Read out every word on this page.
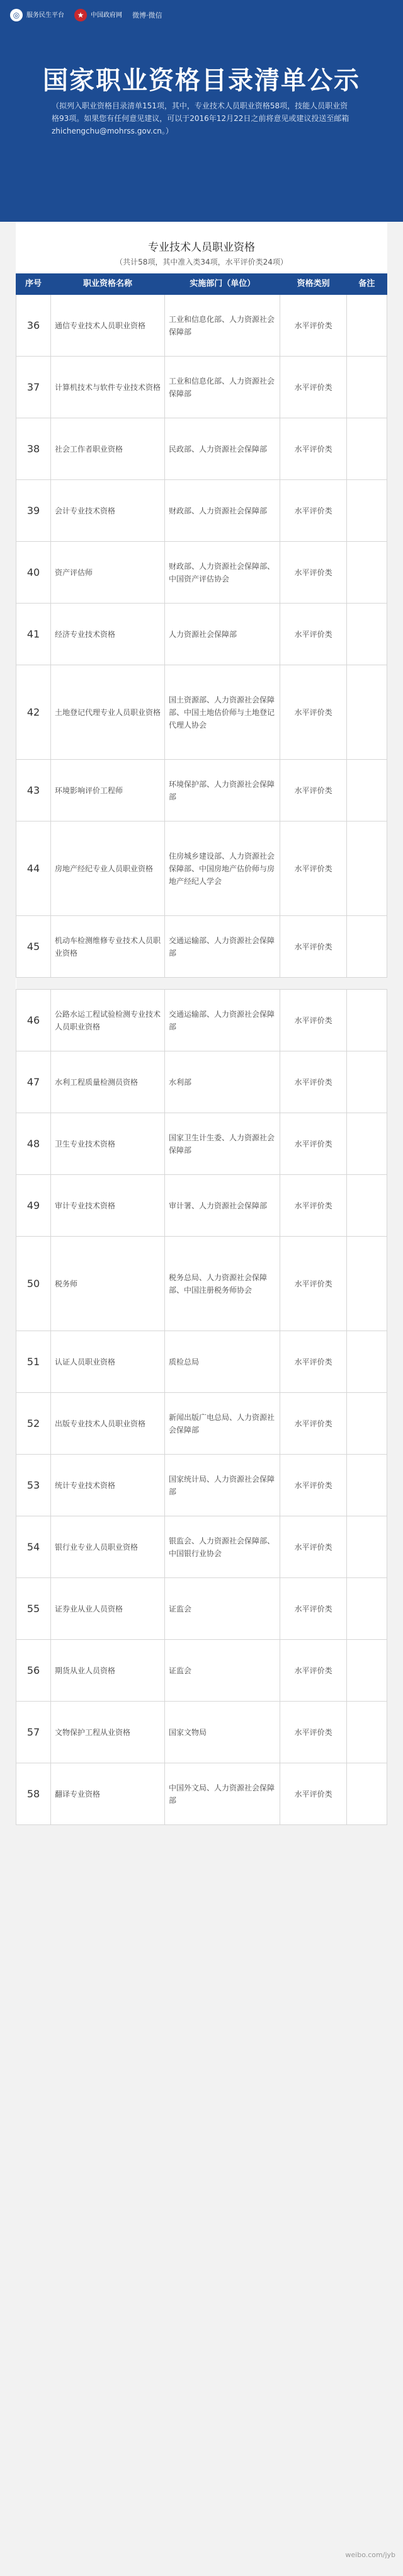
◎	服务民生平台	★	中国政府网 微博·微信
国家职业资格目录清单公示
（拟列入职业资格目录清单151项，其中，专业技术人员职业资格58项，技能人员职业资格93项。如果您有任何意见建议，可以于2016年12月22日之前将意见或建议投送至邮箱zhichengchu@mohrss.gov.cn。）
专业技术人员职业资格
（共计58项，其中准入类34项，水平评价类24项）
序号	职业资格名称	实施部门（单位）	资格类别	备注
36	通信专业技术人员职业资格	工业和信息化部、人力资源社会保障部	水平评价类	
37	计算机技术与软件专业技术资格	工业和信息化部、人力资源社会保障部	水平评价类	
38	社会工作者职业资格	民政部、人力资源社会保障部	水平评价类	
39	会计专业技术资格	财政部、人力资源社会保障部	水平评价类	
40	资产评估师	财政部、人力资源社会保障部、中国资产评估协会	水平评价类	
41	经济专业技术资格	人力资源社会保障部	水平评价类	
42	土地登记代理专业人员职业资格	国土资源部、人力资源社会保障部、中国土地估价师与土地登记代理人协会	水平评价类	
43	环境影响评价工程师	环境保护部、人力资源社会保障部	水平评价类	
44	房地产经纪专业人员职业资格	住房城乡建设部、人力资源社会保障部、中国房地产估价师与房地产经纪人学会	水平评价类	
45	机动车检测维修专业技术人员职业资格	交通运输部、人力资源社会保障部	水平评价类	

46	公路水运工程试验检测专业技术人员职业资格	交通运输部、人力资源社会保障部	水平评价类	
47	水利工程质量检测员资格	水利部	水平评价类	
48	卫生专业技术资格	国家卫生计生委、人力资源社会保障部	水平评价类	
49	审计专业技术资格	审计署、人力资源社会保障部	水平评价类	
50	税务师	税务总局、人力资源社会保障部、中国注册税务师协会	水平评价类	
51	认证人员职业资格	质检总局	水平评价类	
52	出版专业技术人员职业资格	新闻出版广电总局、人力资源社会保障部	水平评价类	
53	统计专业技术资格	国家统计局、人力资源社会保障部	水平评价类	
54	银行业专业人员职业资格	银监会、人力资源社会保障部、中国银行业协会	水平评价类	
55	证券业从业人员资格	证监会	水平评价类	
56	期货从业人员资格	证监会	水平评价类	
57	文物保护工程从业资格	国家文物局	水平评价类	
58	翻译专业资格	中国外文局、人力资源社会保障部	水平评价类	
weibo.com/jyb
